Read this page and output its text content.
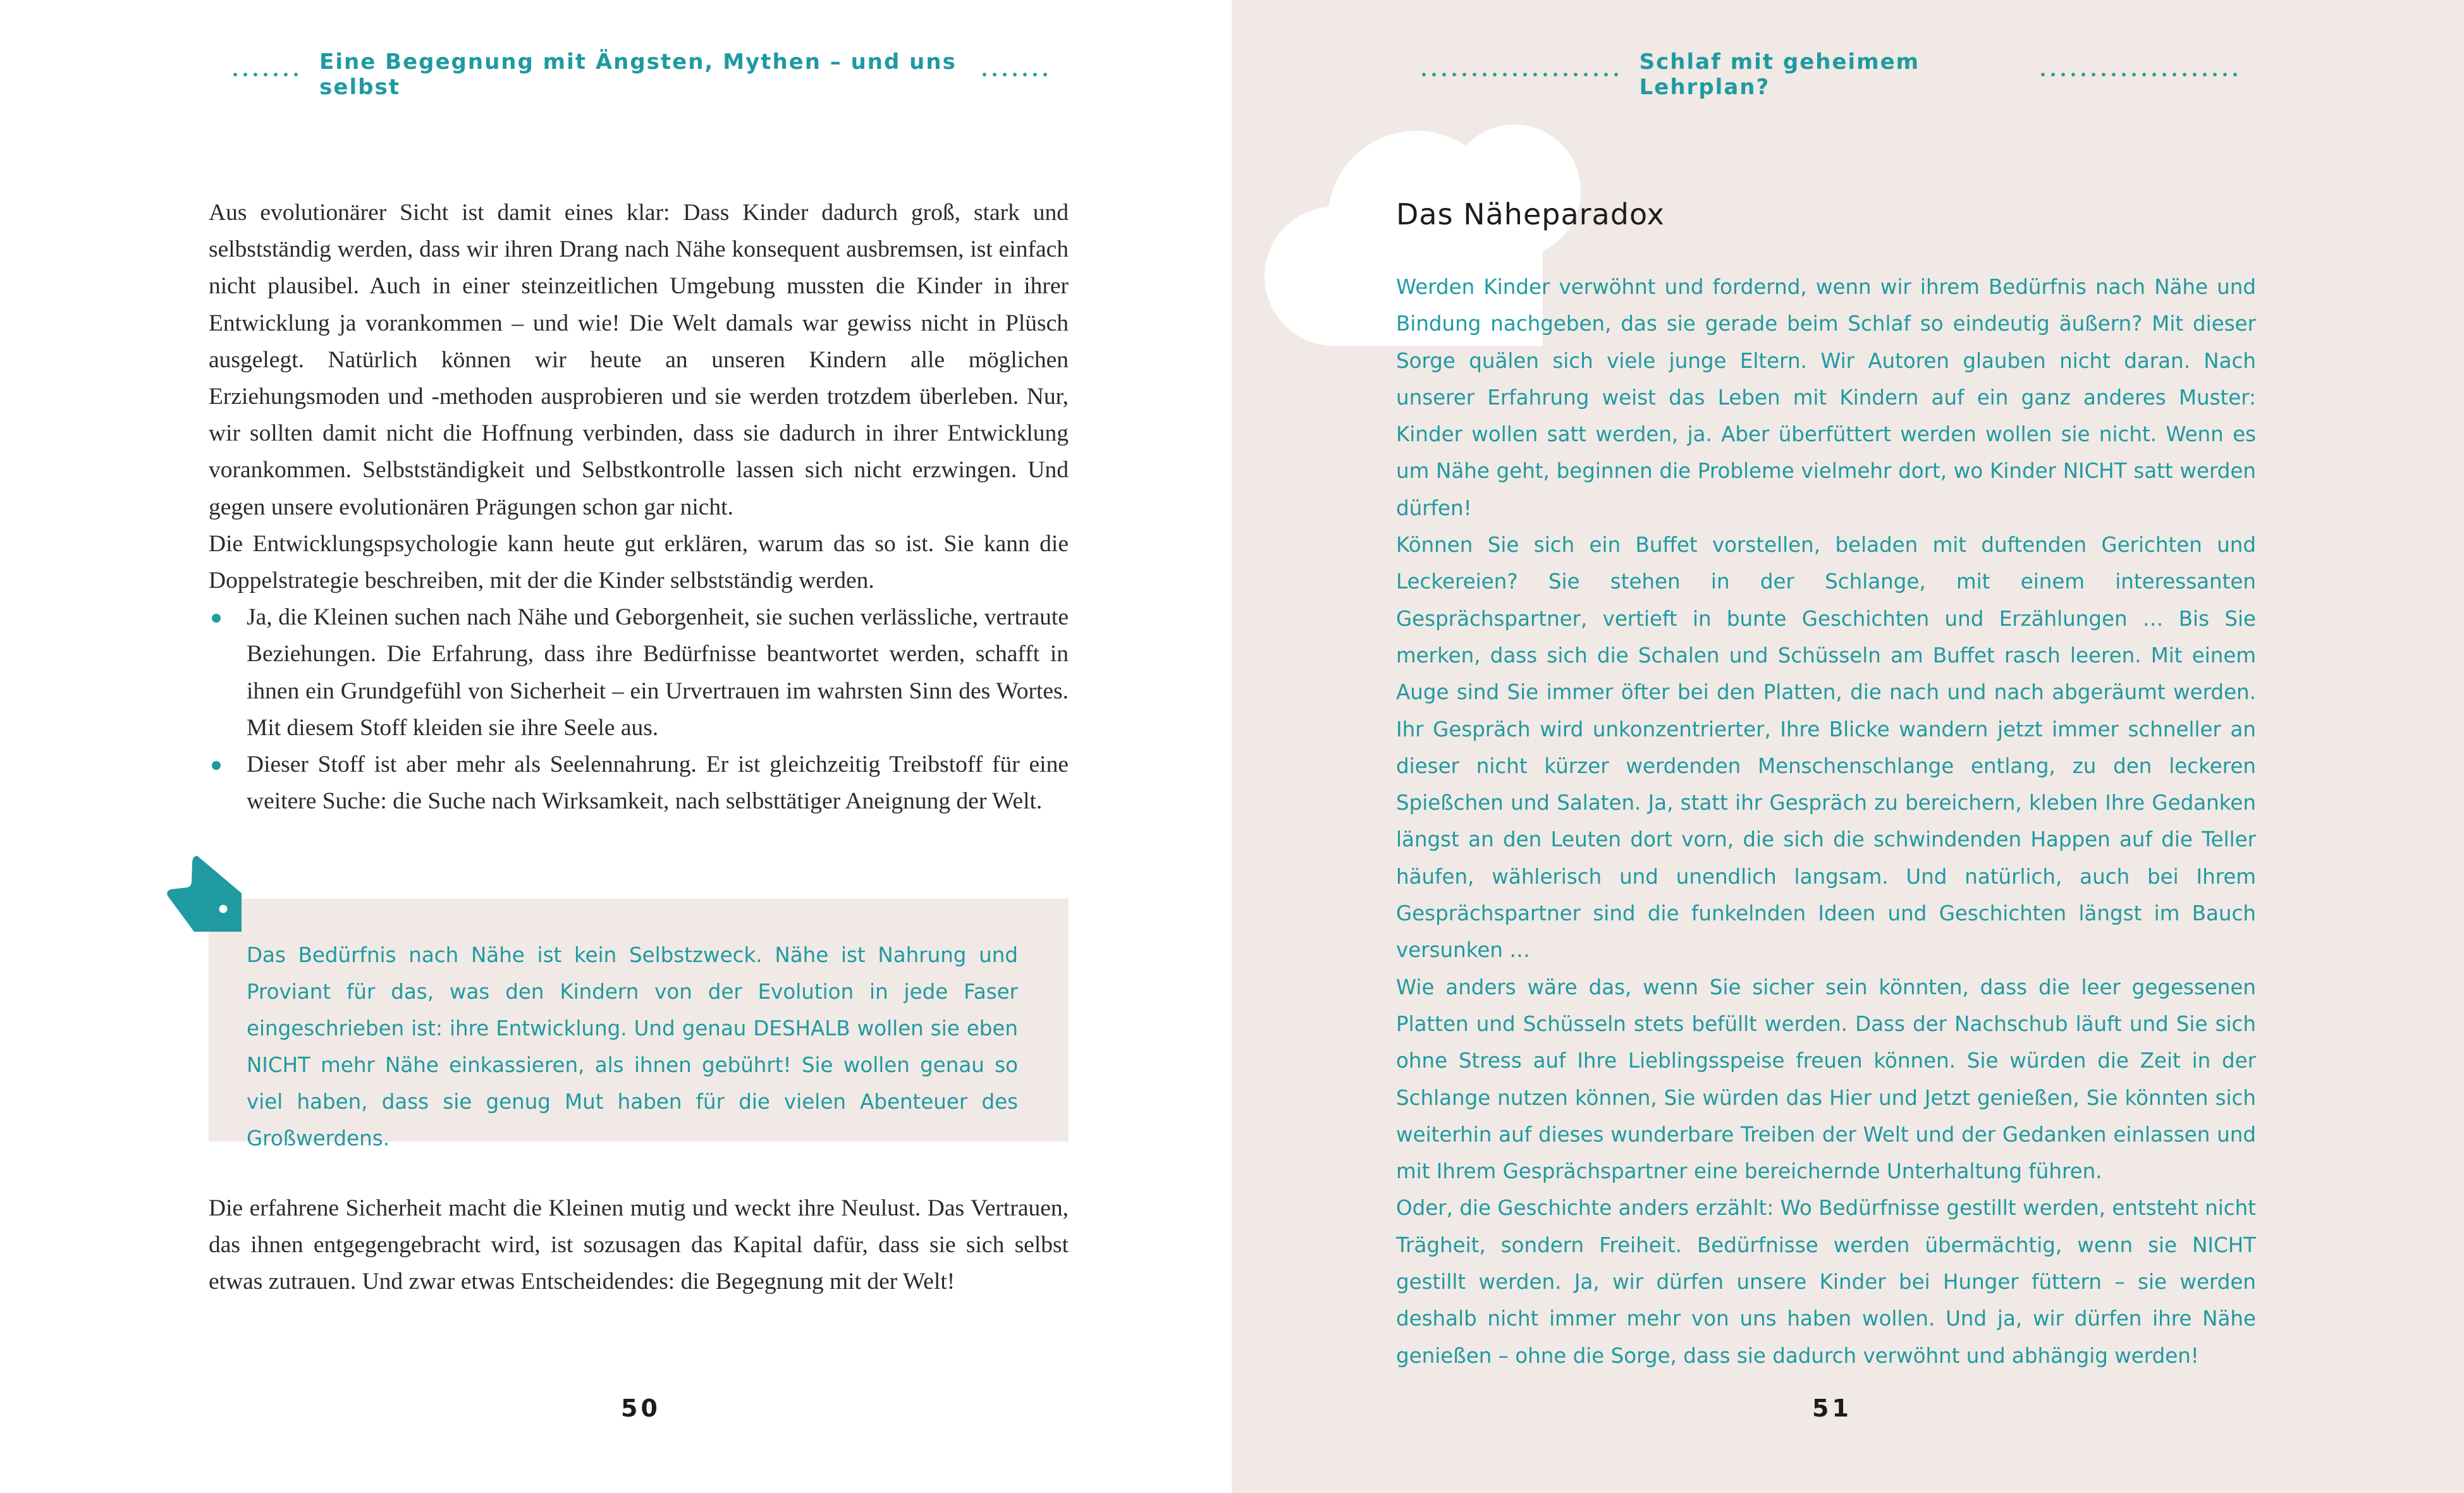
Eine Begegnung mit Ängsten, Mythen – und uns selbst

Aus evolutionärer Sicht ist damit eines klar: Dass Kinder dadurch groß, stark und selbstständig werden, dass wir ihren Drang nach Nähe konsequent ausbremsen, ist einfach nicht plausibel. Auch in einer steinzeitlichen Umgebung mussten die Kinder in ihrer Entwicklung ja vorankommen – und wie! Die Welt damals war gewiss nicht in Plüsch ausgelegt. Natürlich können wir heute an unseren Kindern alle möglichen Erziehungsmoden und -methoden ausprobieren und sie werden trotzdem überleben. Nur, wir sollten damit nicht die Hoffnung verbinden, dass sie dadurch in ihrer Entwicklung vorankommen. Selbstständigkeit und Selbstkontrolle lassen sich nicht erzwingen. Und gegen unsere evolutionären Prägungen schon gar nicht.

Die Entwicklungspsychologie kann heute gut erklären, warum das so ist. Sie kann die Doppelstrategie beschreiben, mit der die Kinder selbstständig werden.

Ja, die Kleinen suchen nach Nähe und Geborgenheit, sie suchen verlässliche, vertraute Beziehungen. Die Erfahrung, dass ihre Bedürfnisse beantwortet werden, schafft in ihnen ein Grundgefühl von Sicherheit – ein Urvertrauen im wahrsten Sinn des Wortes. Mit diesem Stoff kleiden sie ihre Seele aus.
Dieser Stoff ist aber mehr als Seelennahrung. Er ist gleichzeitig Treibstoff für eine weitere Suche: die Suche nach Wirksamkeit, nach selbsttätiger Aneignung der Welt.
Das Bedürfnis nach Nähe ist kein Selbstzweck. Nähe ist Nahrung und Proviant für das, was den Kindern von der Evolution in jede Faser eingeschrieben ist: ihre Entwicklung. Und genau DESHALB wollen sie eben NICHT mehr Nähe einkassieren, als ihnen gebührt! Sie wollen genau so viel haben, dass sie genug Mut haben für die vielen Abenteuer des Großwerdens.

Die erfahrene Sicherheit macht die Kleinen mutig und weckt ihre Neulust. Das Vertrauen, das ihnen entgegengebracht wird, ist sozusagen das Kapital dafür, dass sie sich selbst etwas zutrauen. Und zwar etwas Entscheidendes: die Begegnung mit der Welt!

50
Schlaf mit geheimem Lehrplan?
Das Näheparadox

Werden Kinder verwöhnt und fordernd, wenn wir ihrem Bedürfnis nach Nähe und Bindung nachgeben, das sie gerade beim Schlaf so eindeutig äußern? Mit dieser Sorge quälen sich viele junge Eltern. Wir Autoren glauben nicht daran. Nach unserer Erfahrung weist das Leben mit Kindern auf ein ganz anderes Muster: Kinder wollen satt werden, ja. Aber überfüttert werden wollen sie nicht. Wenn es um Nähe geht, beginnen die Probleme vielmehr dort, wo Kinder NICHT satt werden dürfen!

Können Sie sich ein Buffet vorstellen, beladen mit duftenden Gerichten und Leckereien? Sie stehen in der Schlange, mit einem interessanten Gesprächspartner, vertieft in bunte Geschichten und Erzählungen … Bis Sie merken, dass sich die Schalen und Schüsseln am Buffet rasch leeren. Mit einem Auge sind Sie immer öfter bei den Platten, die nach und nach abgeräumt werden. Ihr Gespräch wird unkonzentrierter, Ihre Blicke wandern jetzt immer schneller an dieser nicht kürzer werdenden Menschenschlange entlang, zu den leckeren Spießchen und Salaten. Ja, statt ihr Gespräch zu bereichern, kleben Ihre Gedanken längst an den Leuten dort vorn, die sich die schwindenden Happen auf die Teller häufen, wählerisch und unendlich langsam. Und natürlich, auch bei Ihrem Gesprächspartner sind die funkelnden Ideen und Geschichten längst im Bauch versunken …

Wie anders wäre das, wenn Sie sicher sein könnten, dass die leer gegessenen Platten und Schüsseln stets befüllt werden. Dass der Nachschub läuft und Sie sich ohne Stress auf Ihre Lieblingsspeise freuen können. Sie würden die Zeit in der Schlange nutzen können, Sie würden das Hier und Jetzt genießen, Sie könnten sich weiterhin auf dieses wunderbare Treiben der Welt und der Gedanken einlassen und mit Ihrem Gesprächspartner eine bereichernde Unterhaltung führen.

Oder, die Geschichte anders erzählt: Wo Bedürfnisse gestillt werden, entsteht nicht Trägheit, sondern Freiheit. Bedürfnisse werden übermächtig, wenn sie NICHT gestillt werden. Ja, wir dürfen unsere Kinder bei Hunger füttern – sie werden deshalb nicht immer mehr von uns haben wollen. Und ja, wir dürfen ihre Nähe genießen – ohne die Sorge, dass sie dadurch verwöhnt und abhängig werden!

51
